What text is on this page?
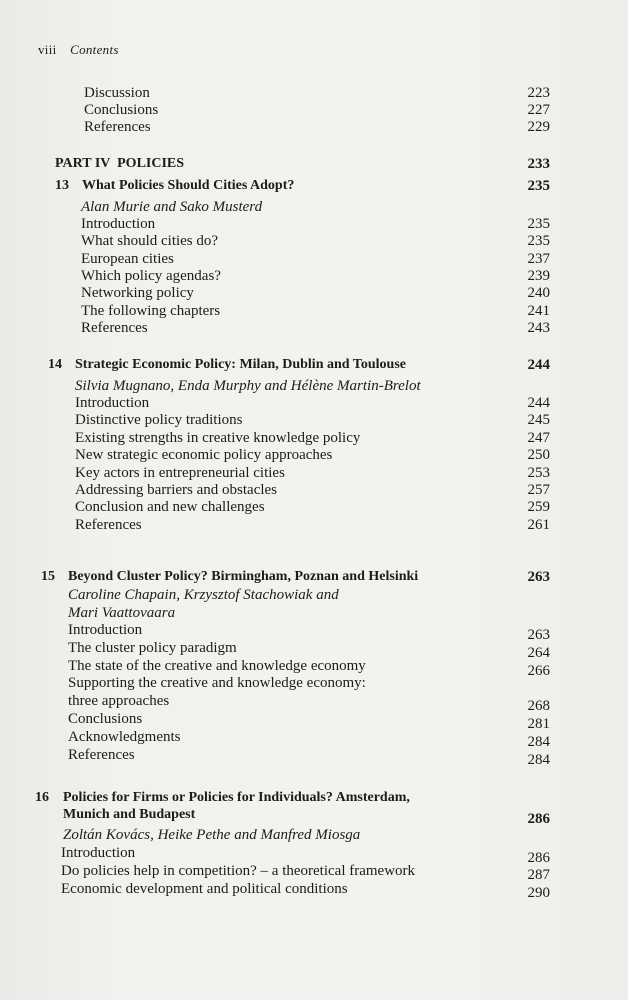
viii Contents
Discussion	223
Conclusions	227
References	229
PART IV  POLICIES	233
13 What Policies Should Cities Adopt?	235
Alan Murie and Sako Musterd
Introduction	235
What should cities do?	235
European cities	237
Which policy agendas?	239
Networking policy	240
The following chapters	241
References	243
14 Strategic Economic Policy: Milan, Dublin and Toulouse	244
Silvia Mugnano, Enda Murphy and Hélène Martin-Brelot
Introduction	244
Distinctive policy traditions	245
Existing strengths in creative knowledge policy	247
New strategic economic policy approaches	250
Key actors in entrepreneurial cities	253
Addressing barriers and obstacles	257
Conclusion and new challenges	259
References	261
15 Beyond Cluster Policy? Birmingham, Poznan and Helsinki	263
Caroline Chapain, Krzysztof Stachowiak and
Mari Vaattovaara
Introduction	263
The cluster policy paradigm	264
The state of the creative and knowledge economy	266
Supporting the creative and knowledge economy:
three approaches	268
Conclusions	281
Acknowledgments	284
References	284
16 Policies for Firms or Policies for Individuals? Amsterdam,
Munich and Budapest	286
Zoltán Kovács, Heike Pethe and Manfred Miosga
Introduction	286
Do policies help in competition? – a theoretical framework	287
Economic development and political conditions	290
